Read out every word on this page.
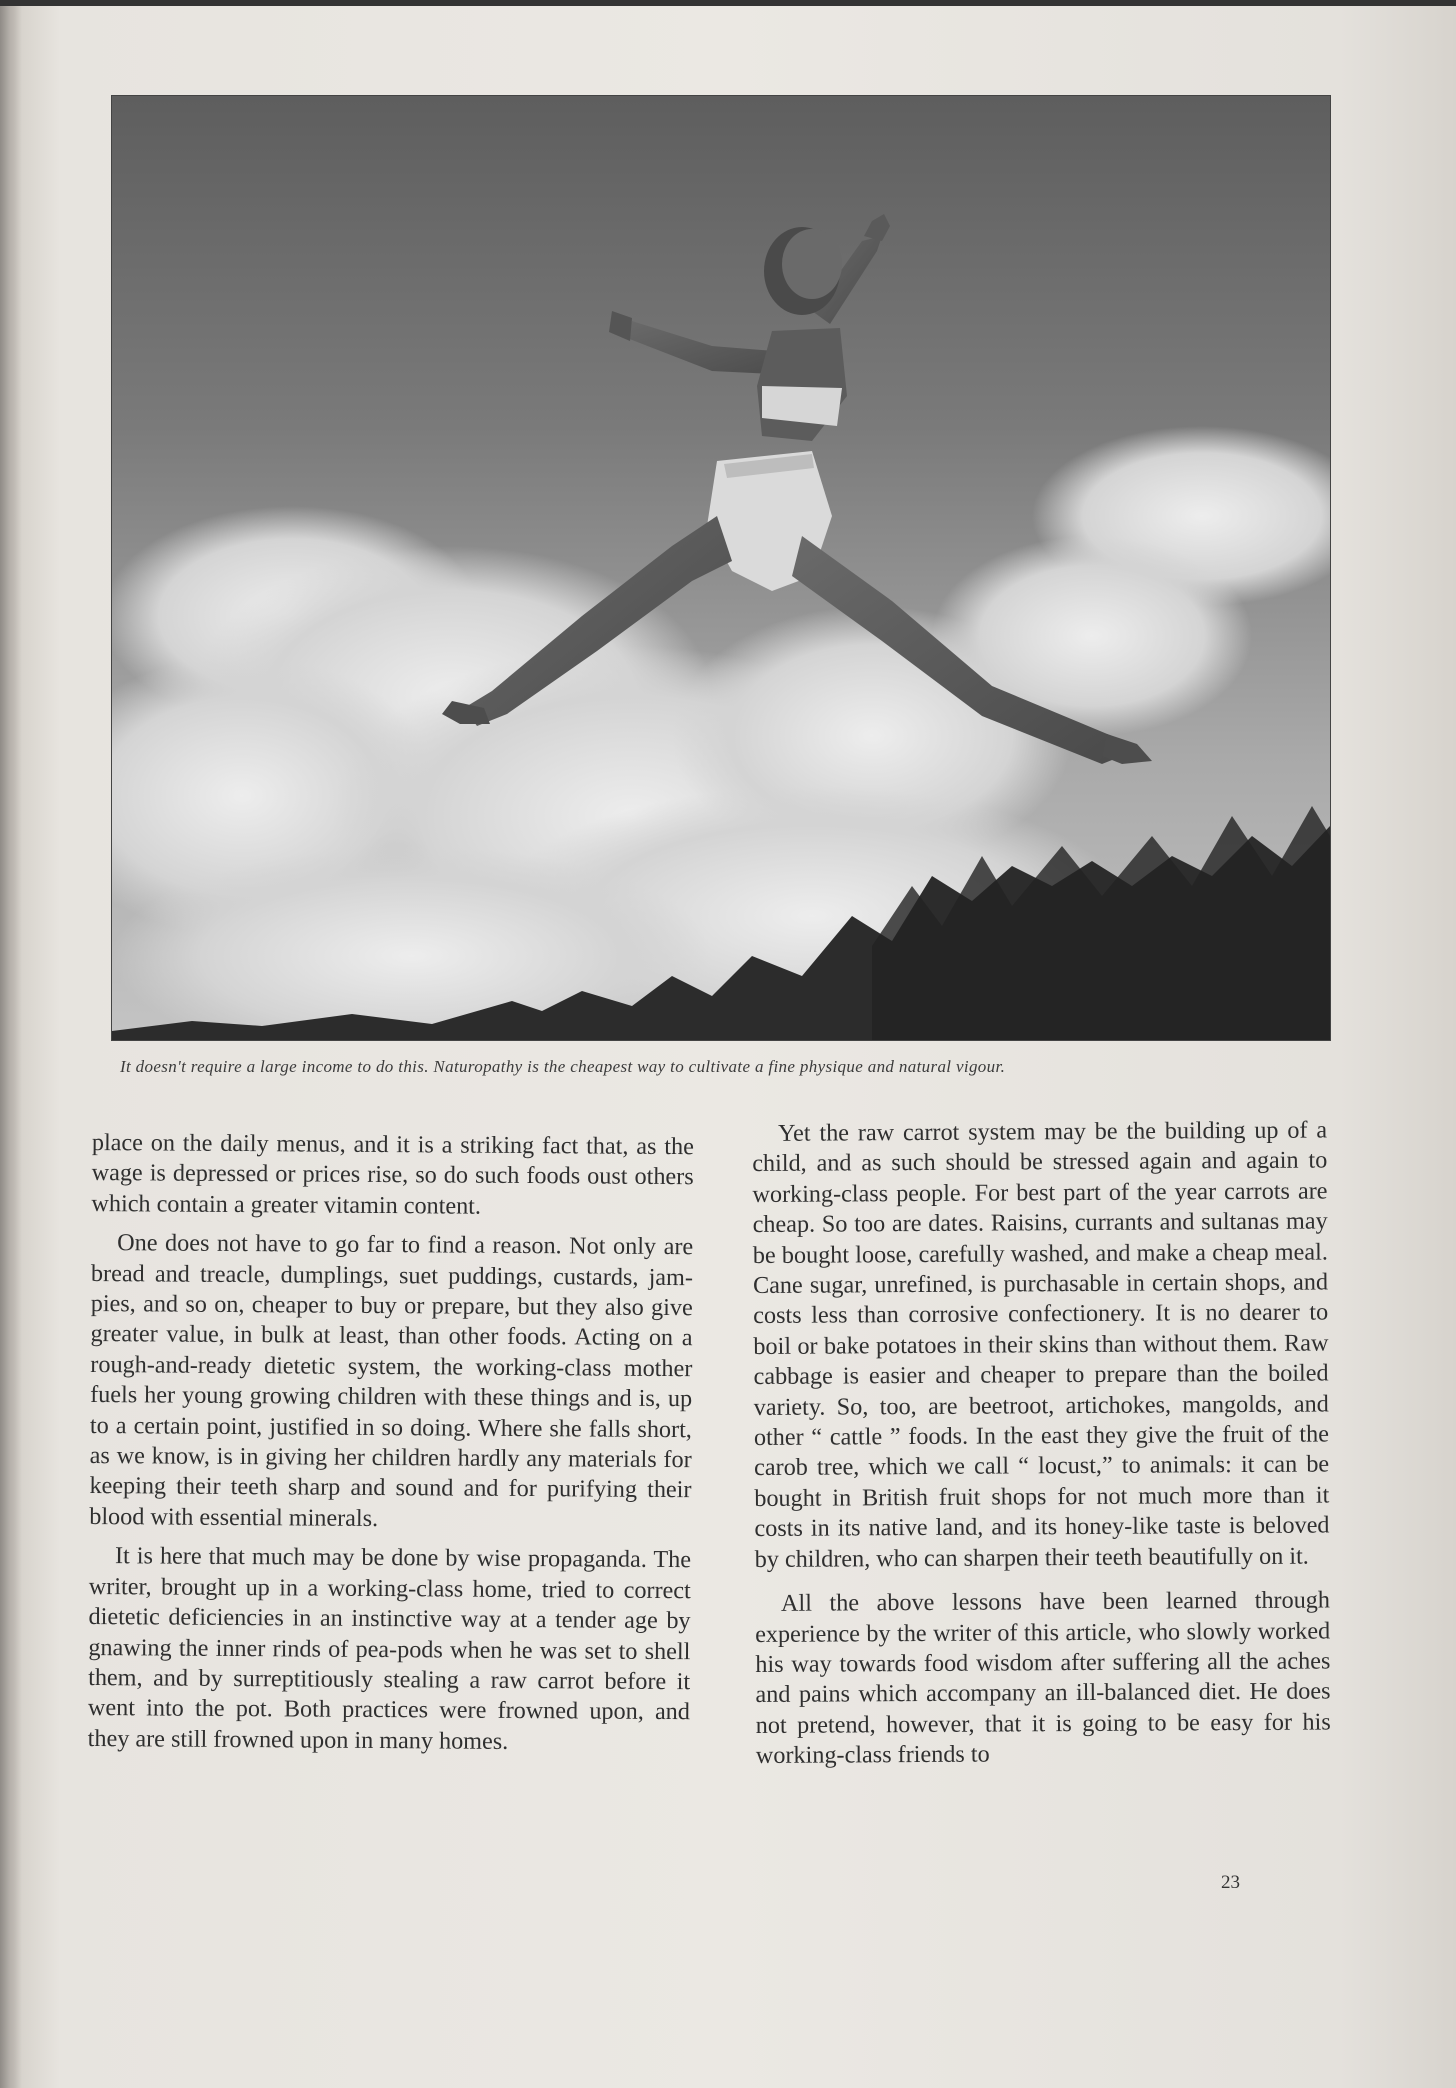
It doesn't require a large income to do this. Naturopathy is the cheapest way to cultivate a fine physique and natural vigour.

place on the daily menus, and it is a striking fact that, as the wage is depressed or prices rise, so do such foods oust others which contain a greater vitamin content.

One does not have to go far to find a reason. Not only are bread and treacle, dumplings, suet puddings, custards, jam-pies, and so on, cheaper to buy or prepare, but they also give greater value, in bulk at least, than other foods. Acting on a rough-and-ready dietetic system, the working-class mother fuels her young growing children with these things and is, up to a certain point, justified in so doing. Where she falls short, as we know, is in giving her children hardly any materials for keeping their teeth sharp and sound and for purifying their blood with essential minerals.

It is here that much may be done by wise propaganda. The writer, brought up in a working-class home, tried to correct dietetic deficiencies in an instinctive way at a tender age by gnawing the inner rinds of pea-pods when he was set to shell them, and by surreptitiously stealing a raw carrot before it went into the pot. Both practices were frowned upon, and they are still frowned upon in many homes.

Yet the raw carrot system may be the building up of a child, and as such should be stressed again and again to working-class people. For best part of the year carrots are cheap. So too are dates. Raisins, currants and sultanas may be bought loose, carefully washed, and make a cheap meal. Cane sugar, unrefined, is purchasable in certain shops, and costs less than corrosive confectionery. It is no dearer to boil or bake potatoes in their skins than without them. Raw cabbage is easier and cheaper to prepare than the boiled variety. So, too, are beetroot, artichokes, mangolds, and other “ cattle ” foods. In the east they give the fruit of the carob tree, which we call “ locust,” to animals: it can be bought in British fruit shops for not much more than it costs in its native land, and its honey-like taste is beloved by children, who can sharpen their teeth beautifully on it.

All the above lessons have been learned through experience by the writer of this article, who slowly worked his way towards food wisdom after suffering all the aches and pains which accompany an ill-balanced diet. He does not pretend, however, that it is going to be easy for his working-class friends to

23
